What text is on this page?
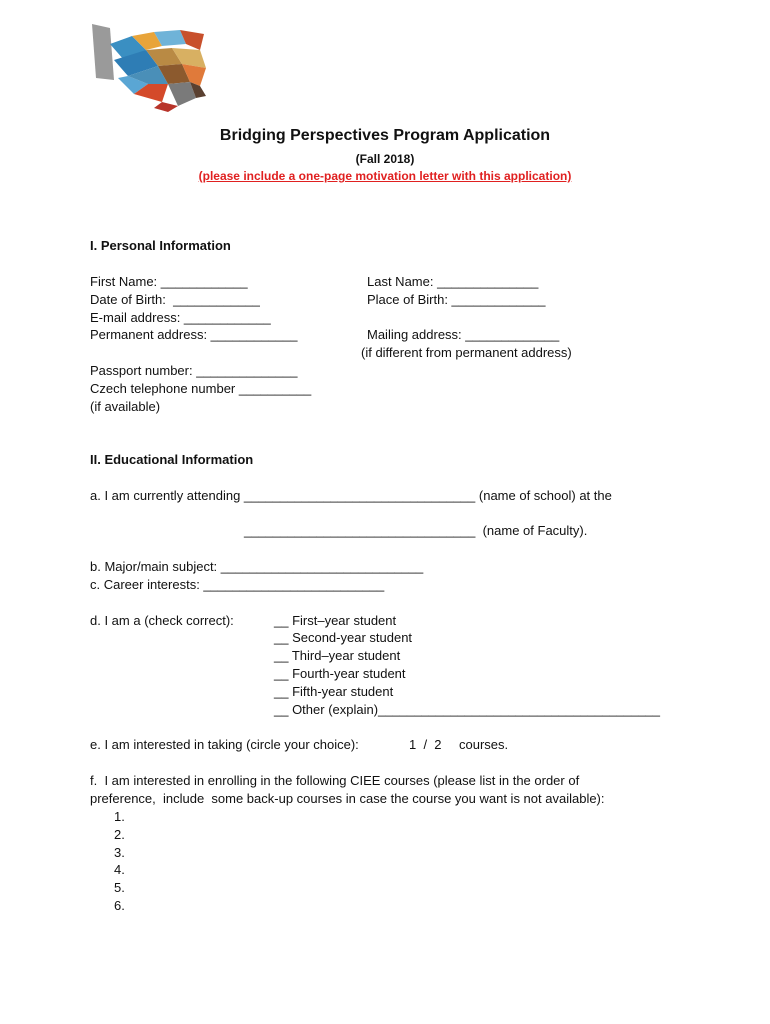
Bridging Perspectives Program Application
(Fall 2018)
(please include a one-page motivation letter with this application)
I. Personal Information
First Name: ____________	Last Name: ______________
Date of Birth:  ____________	Place of Birth: _____________
E-mail address: ____________
Permanent address: ____________	Mailing address: _____________
(if different from permanent address)
Passport number: ______________
Czech telephone number __________
(if available)
II. Educational Information
a. I am currently attending ________________________________ (name of school) at the
________________________________  (name of Faculty).
b. Major/main subject: ____________________________
c. Career interests: _________________________
d. I am a (check correct):	__ First–year student
__ Second-year student
__ Third–year student
__ Fourth-year student
__ Fifth-year student
__ Other (explain)_______________________________________
e. I am interested in taking (circle your choice):	1  /  2 courses.
f.  I am interested in enrolling in the following CIEE courses (please list in the order of
preference,  include  some back-up courses in case the course you want is not available):
1.
2.
3.
4.
5.
6.
